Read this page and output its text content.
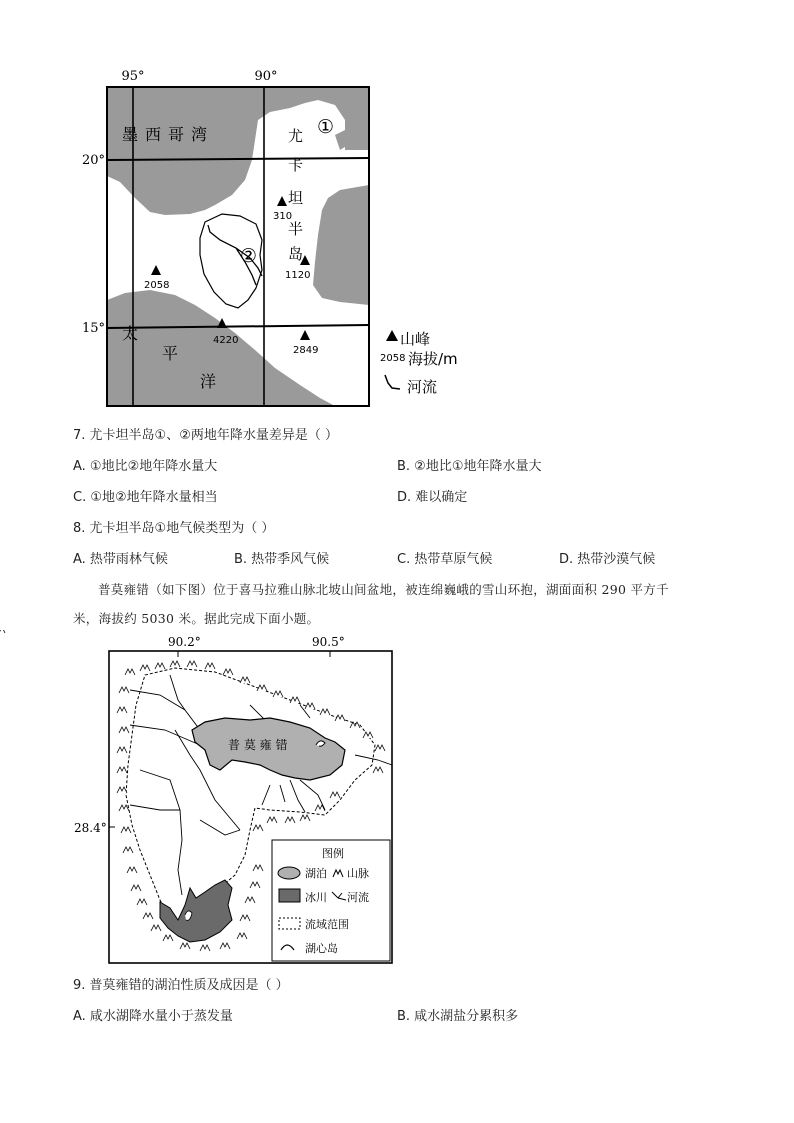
95°	90°
20°
15°
墨 西 哥 湾	尤
卡
坦
半
岛
太
平
洋
①
②
310
1120
2058
4220
2849
山峰
2058 海拔/m
河流
7. 尤卡坦半岛①、②两地年降水量差异是（ ）
A. ①地比②地年降水量大	B. ②地比①地年降水量大
C. ①地②地年降水量相当	D. 难以确定
8. 尤卡坦半岛①地气候类型为（ ）
A. 热带雨林气候	B. 热带季风气候	C. 热带草原气候	D. 热带沙漠气候
普莫雍错（如下图）位于喜马拉雅山脉北坡山间盆地，被连绵巍峨的雪山环抱，湖面面积 290 平方千
米，海拔约 5030 米。据此完成下面小题。
90.2°	90.5°
28.4°
普 莫 雍 错
图例
湖泊 山脉
冰川 河流
流域范围
湖心岛
9. 普莫雍错的湖泊性质及成因是（ ）
A. 咸水湖降水量小于蒸发量	B. 咸水湖盐分累积多
